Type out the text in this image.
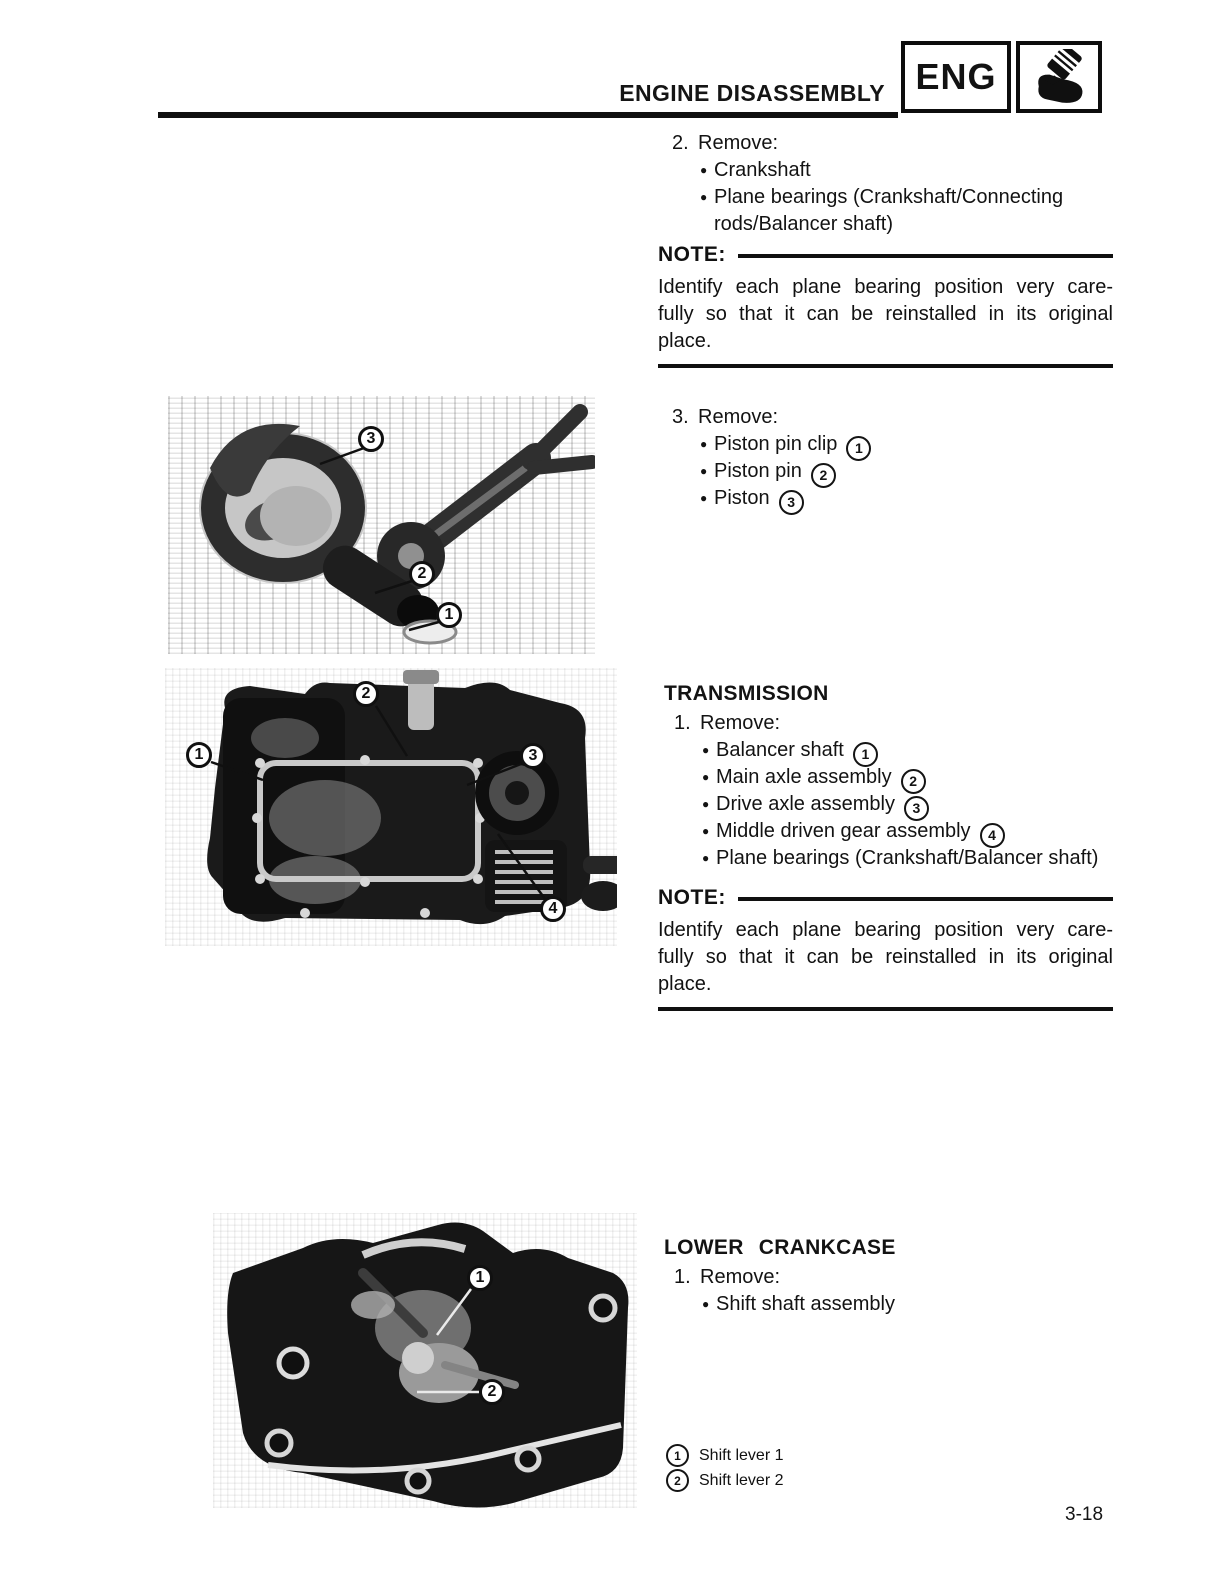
ENGINE DISASSEMBLY ENG
2. Remove:
● Crankshaft
● Plane bearings (Crankshaft/Connecting
rods/Balancer shaft)
NOTE:
Identify each plane bearing position very care-
fully so that it can be reinstalled in its original
place.
3
2
1
3. Remove:
● Piston pin clip 1
● Piston pin 2
● Piston 3
2
1	3
4
TRANSMISSION
1. Remove:
● Balancer shaft 1
● Main axle assembly 2
● Drive axle assembly 3
● Middle driven gear assembly 4
● Plane bearings (Crankshaft/Balancer shaft)
NOTE:
Identify each plane bearing position very care-
fully so that it can be reinstalled in its original
place.
1
2
LOWER CRANKCASE
1. Remove:
● Shift shaft assembly
1	Shift lever 1
2	Shift lever 2
3-18
